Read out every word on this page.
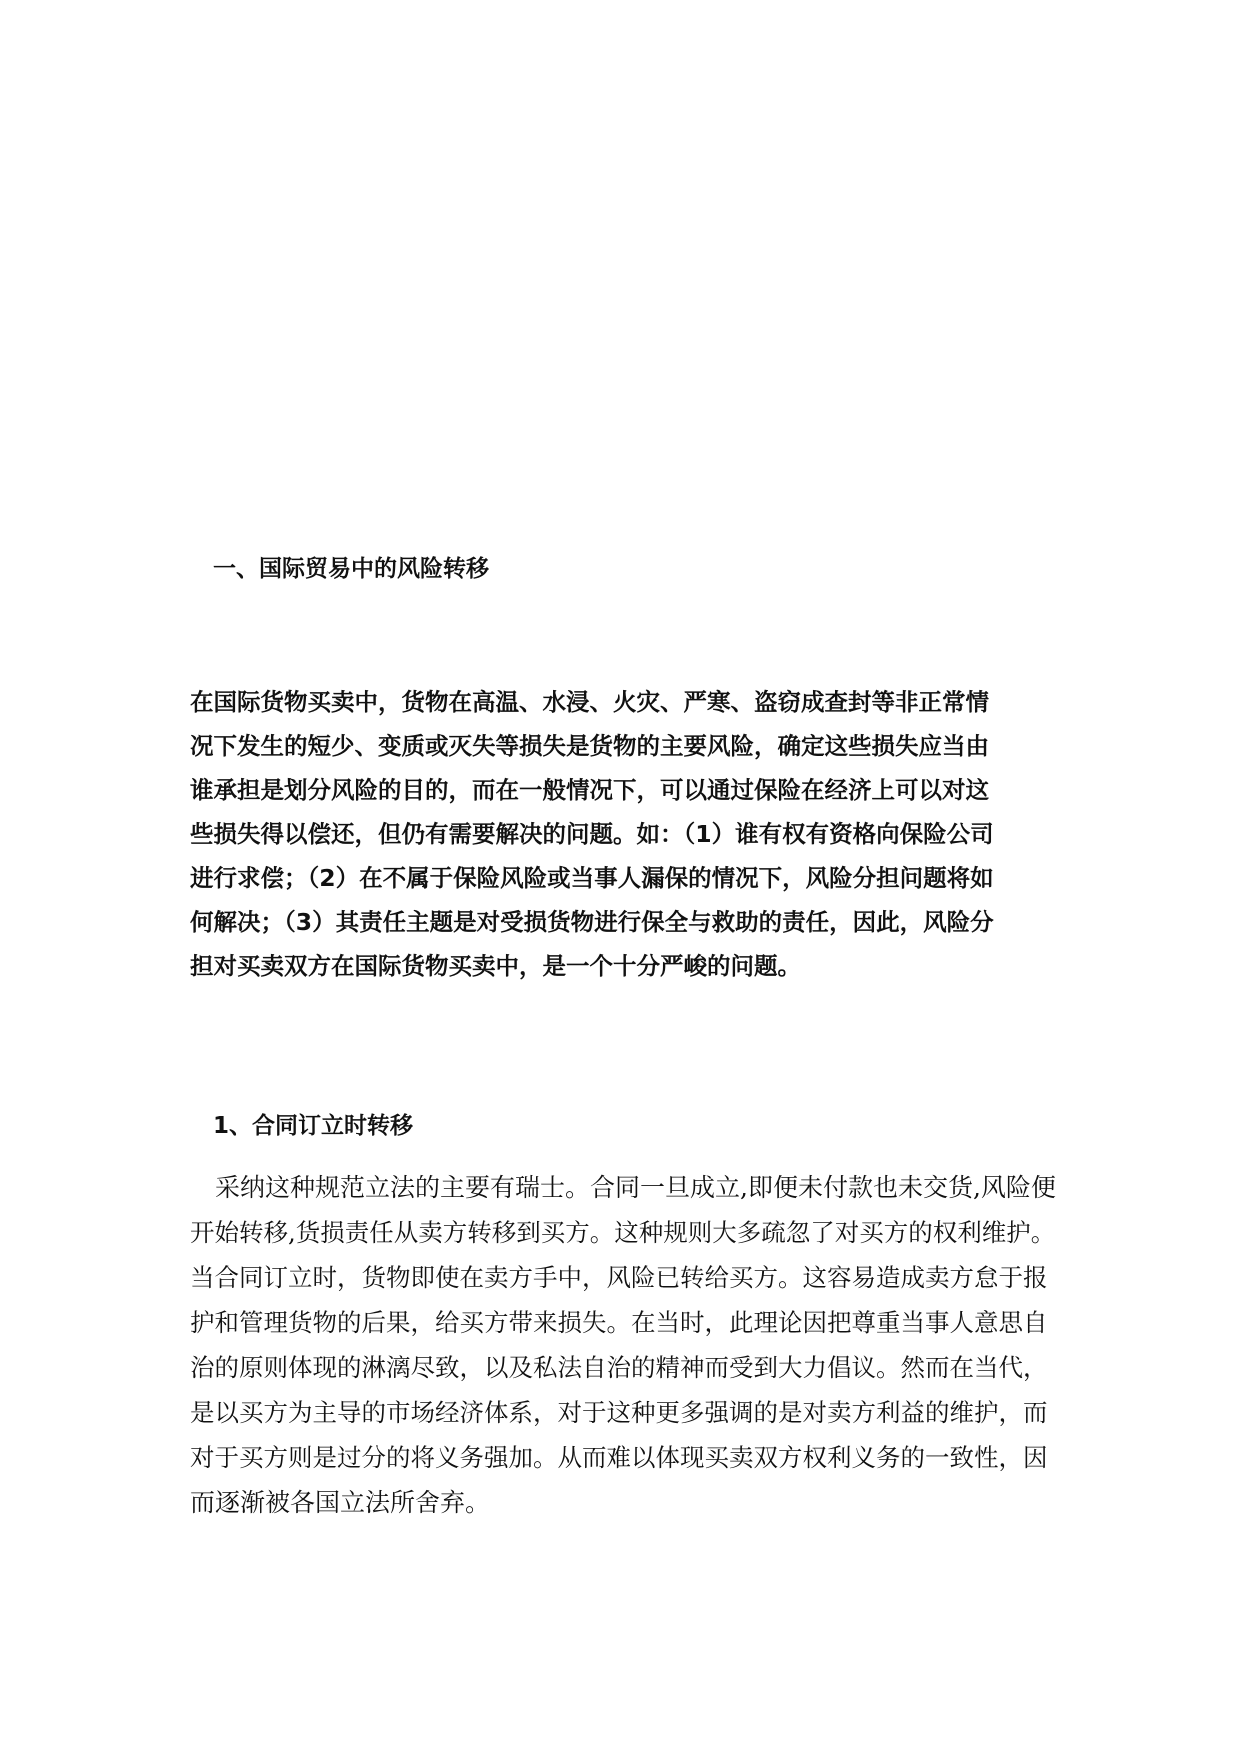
一、国际贸易中的风险转移
在国际货物买卖中，货物在高温、水浸、火灾、严寒、盗窃成查封等非正常情
况下发生的短少、变质或灭失等损失是货物的主要风险，确定这些损失应当由
谁承担是划分风险的目的，而在一般情况下，可以通过保险在经济上可以对这
些损失得以偿还，但仍有需要解决的问题。如：（1）谁有权有资格向保险公司
进行求偿；（2）在不属于保险风险或当事人漏保的情况下，风险分担问题将如
何解决；（3）其责任主题是对受损货物进行保全与救助的责任，因此，风险分
担对买卖双方在国际货物买卖中，是一个十分严峻的问题。
1、合同订立时转移
采纳这种规范立法的主要有瑞士。合同一旦成立,即便未付款也未交货,风险便
开始转移,货损责任从卖方转移到买方。这种规则大多疏忽了对买方的权利维护。
当合同订立时，货物即使在卖方手中，风险已转给买方。这容易造成卖方怠于报
护和管理货物的后果，给买方带来损失。在当时，此理论因把尊重当事人意思自
治的原则体现的淋漓尽致，以及私法自治的精神而受到大力倡议。然而在当代，
是以买方为主导的市场经济体系，对于这种更多强调的是对卖方利益的维护，而
对于买方则是过分的将义务强加。从而难以体现买卖双方权利义务的一致性，因
而逐渐被各国立法所舍弃。
